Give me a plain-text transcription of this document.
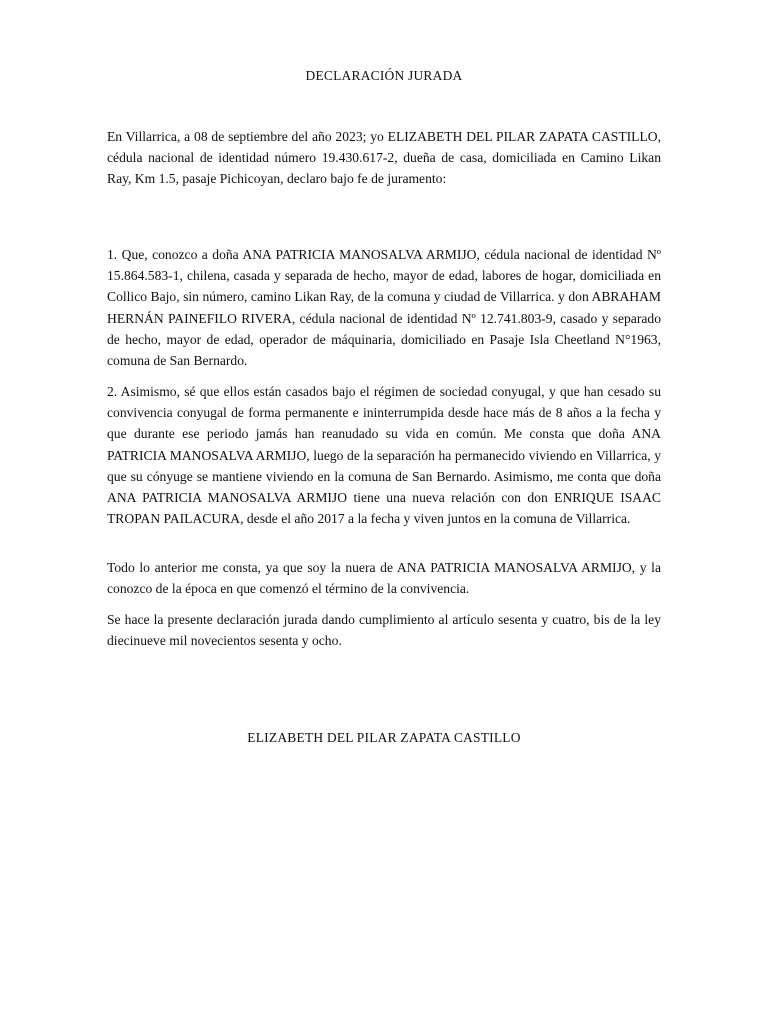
DECLARACIÓN JURADA

En Villarrica, a 08 de septiembre del año 2023; yo ELIZABETH DEL PILAR ZAPATA CASTILLO, cédula nacional de identidad número 19.430.617-2, dueña de casa, domiciliada en Camino Likan Ray, Km 1.5, pasaje Pichicoyan, declaro bajo fe de juramento:

1. Que, conozco a doña ANA PATRICIA MANOSALVA ARMIJO, cédula nacional de identidad Nº 15.864.583-1, chilena, casada y separada de hecho, mayor de edad, labores de hogar, domiciliada en Collico Bajo, sin número, camino Likan Ray, de la comuna y ciudad de Villarrica. y don ABRAHAM HERNÁN PAINEFILO RIVERA, cédula nacional de identidad Nº 12.741.803-9, casado y separado de hecho, mayor de edad, operador de máquinaria, domiciliado en Pasaje Isla Cheetland N°1963, comuna de San Bernardo.

2. Asimismo, sé que ellos están casados bajo el régimen de sociedad conyugal, y que han cesado su convivencia conyugal de forma permanente e ininterrumpida desde hace más de 8 años a la fecha y que durante ese periodo jamás han reanudado su vida en común. Me consta que doña ANA PATRICIA MANOSALVA ARMIJO, luego de la separación ha permanecido viviendo en Villarrica, y que su cónyuge se mantiene viviendo en la comuna de San Bernardo. Asimismo, me conta que doña ANA PATRICIA MANOSALVA ARMIJO tiene una nueva relación con don ENRIQUE ISAAC TROPAN PAILACURA, desde el año 2017 a la fecha y viven juntos en la comuna de Villarrica.

Todo lo anterior me consta, ya que soy la nuera de ANA PATRICIA MANOSALVA ARMIJO, y la conozco de la época en que comenzó el término de la convivencia.

Se hace la presente declaración jurada dando cumplimiento al artículo sesenta y cuatro, bis de la ley diecinueve mil novecientos sesenta y ocho.

ELIZABETH DEL PILAR ZAPATA CASTILLO
